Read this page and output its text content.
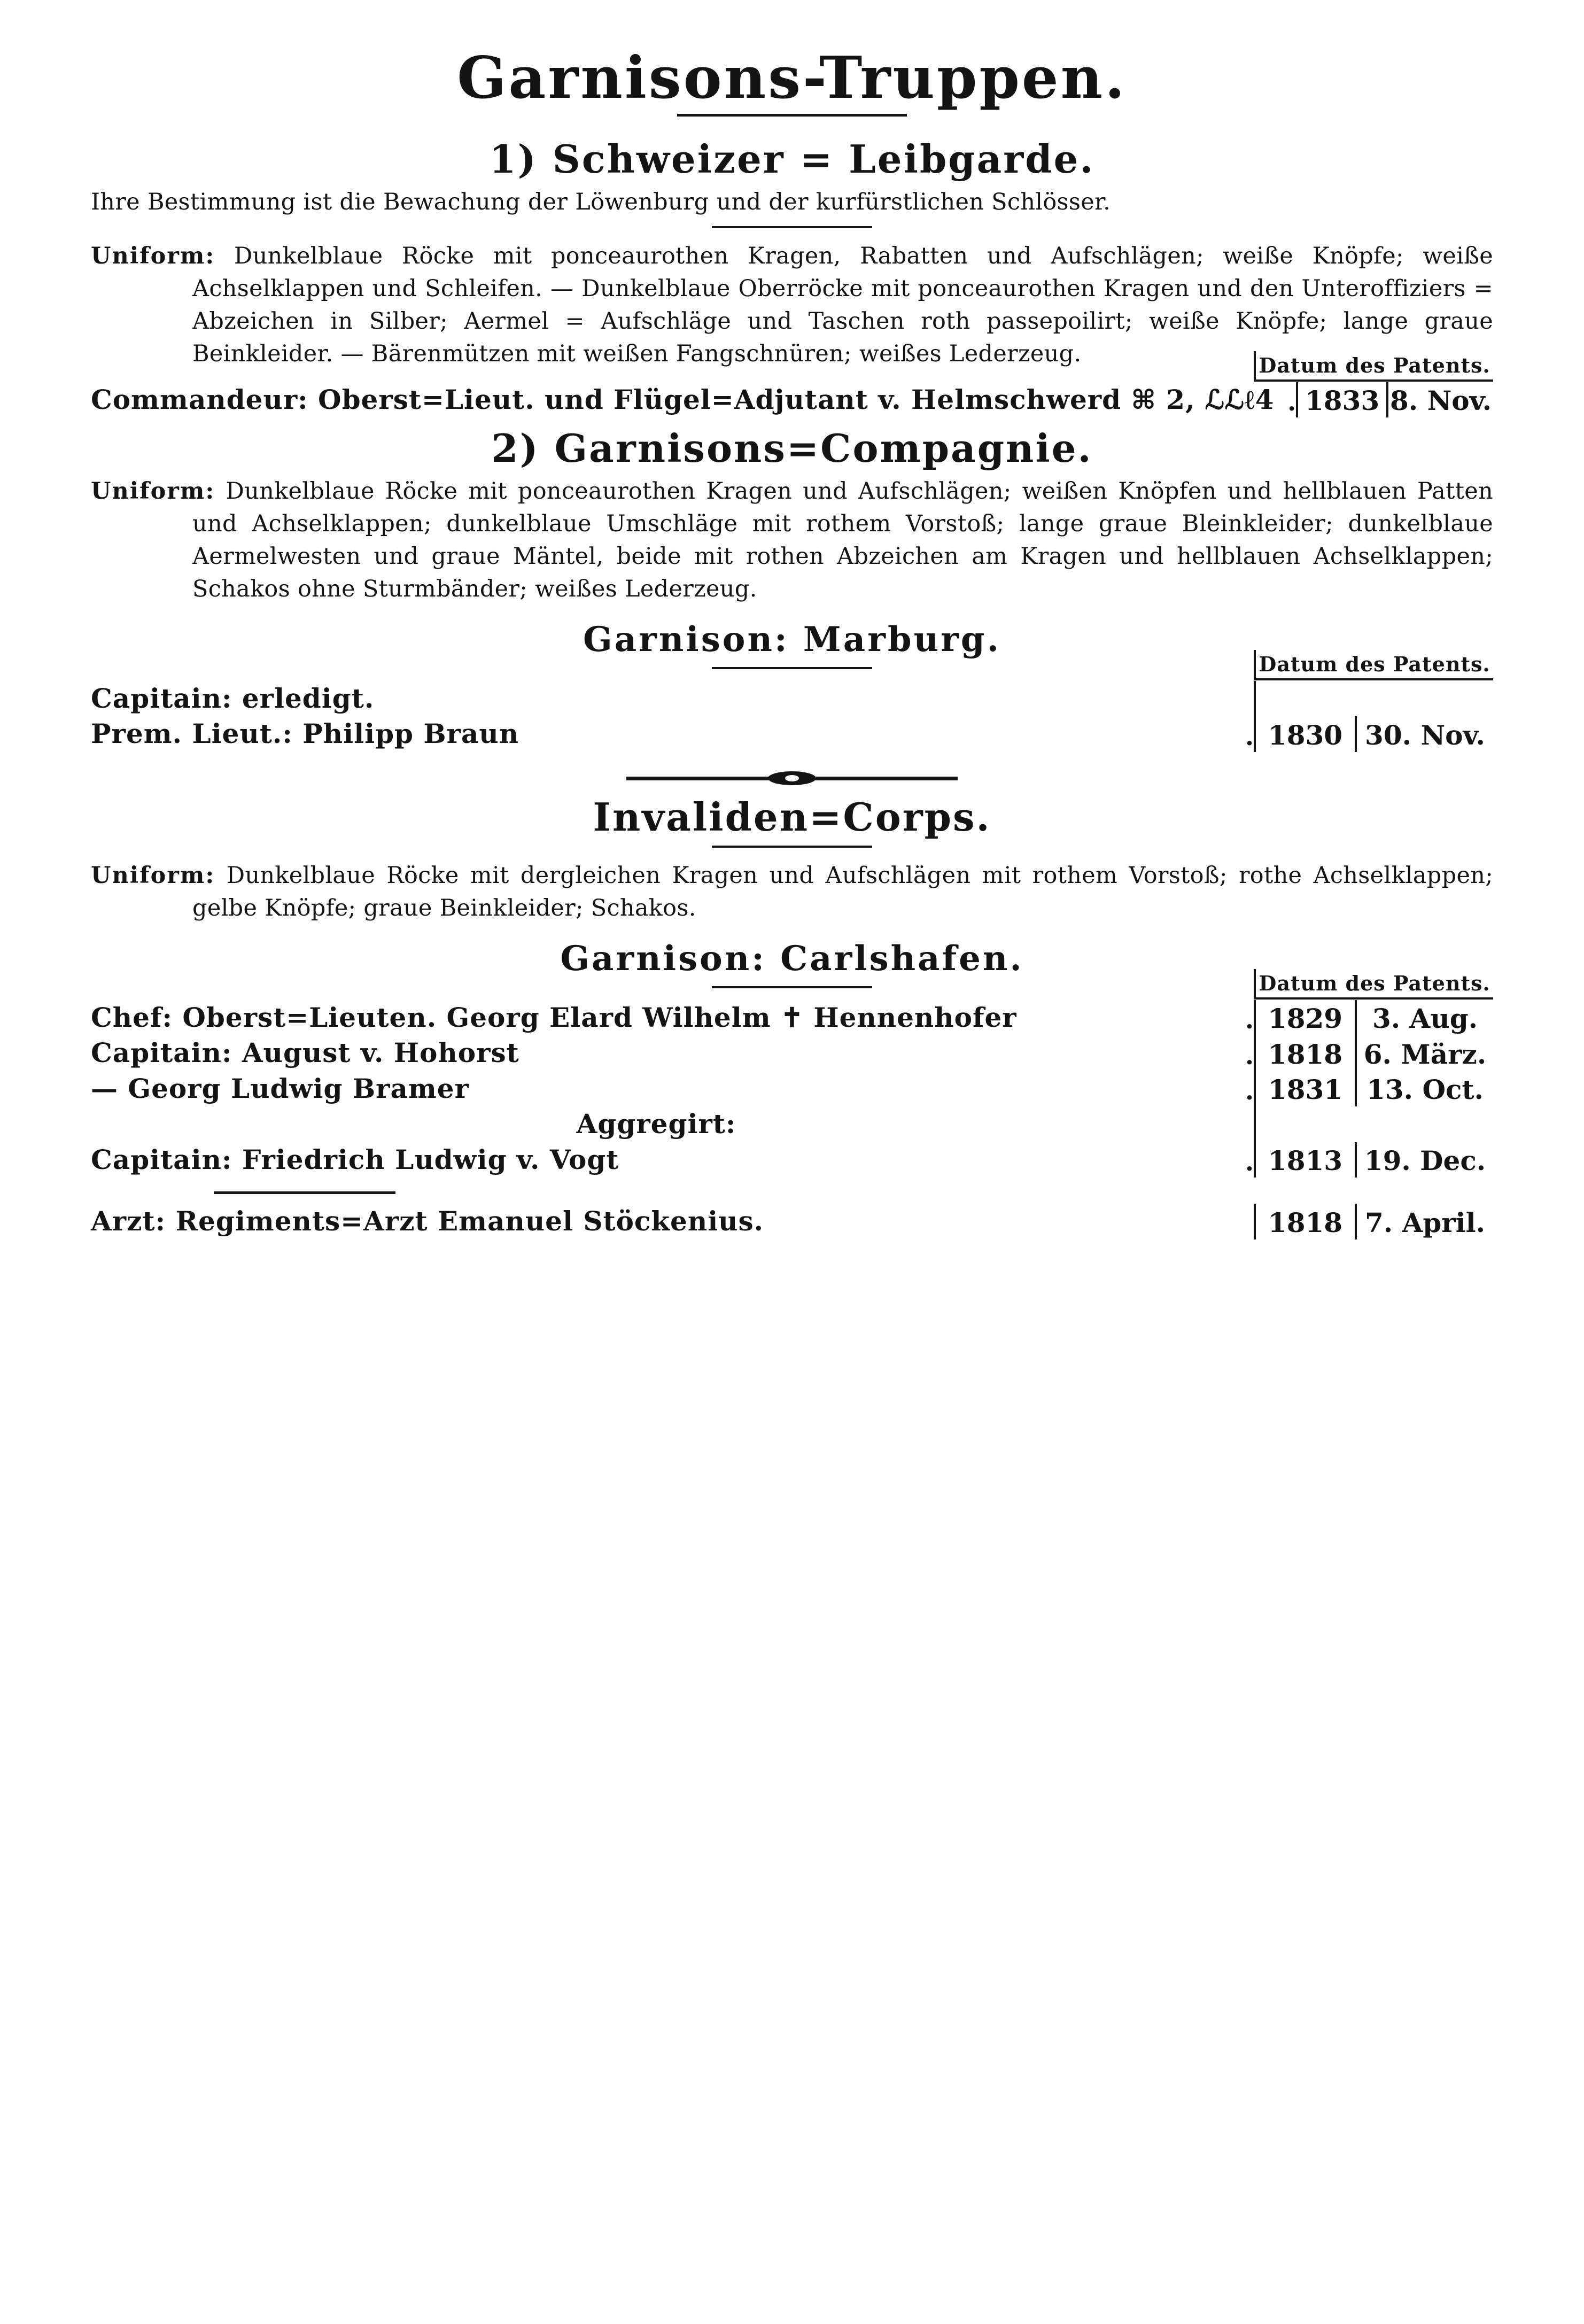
Garnisons-Truppen.
1) Schweizer = Leibgarde.
Ihre Bestimmung ist die Bewachung der Löwenburg und der kurfürstlichen Schlösser.
Uniform: Dunkelblaue Röcke mit ponceaurothen Kragen, Rabatten und Aufschlägen; weiße Knöpfe; weiße Achselklappen und Schleifen. — Dunkelblaue Oberröcke mit ponceaurothen Kragen und den Unteroffiziers = Abzeichen in Silber; Aermel = Aufschläge und Taschen roth passepoilirt; weiße Knöpfe; lange graue Beinkleider. — Bärenmützen mit weißen Fangschnüren; weißes Lederzeug.	Datum des Patents.
Commandeur: Oberst=Lieut. und Flügel=Adjutant v. Helmschwerd ⌘ 2, ℒℒℓ4	.	1833	8. Nov.
2) Garnisons=Compagnie.
Uniform: Dunkelblaue Röcke mit ponceaurothen Kragen und Aufschlägen; weißen Knöpfen und hellblauen Patten und Achselklappen; dunkelblaue Umschläge mit rothem Vorstoß; lange graue Bleinkleider; dunkelblaue Aermelwesten und graue Mäntel, beide mit rothen Abzeichen am Kragen und hellblauen Achselklappen; Schakos ohne Sturmbänder; weißes Lederzeug.
Garnison: Marburg.
Datum des Patents.
Capitain: erledigt.			
Prem. Lieut.: Philipp Braun	.	1830	30. Nov.
Invaliden=Corps.
Uniform: Dunkelblaue Röcke mit dergleichen Kragen und Aufschlägen mit rothem Vorstoß; rothe Achselklappen; gelbe Knöpfe; graue Beinkleider; Schakos.
Garnison: Carlshafen.
Datum des Patents.
Chef: Oberst=Lieuten. Georg Elard Wilhelm ✝ Hennenhofer	.	1829	3. Aug.
Capitain: August v. Hohorst	.	1818	6. März.
— Georg Ludwig Bramer	.	1831	13. Oct.
Aggregirt:			
Capitain: Friedrich Ludwig v. Vogt	.	1813	19. Dec.
Arzt: Regiments=Arzt Emanuel Stöckenius.		1818	7. April.
